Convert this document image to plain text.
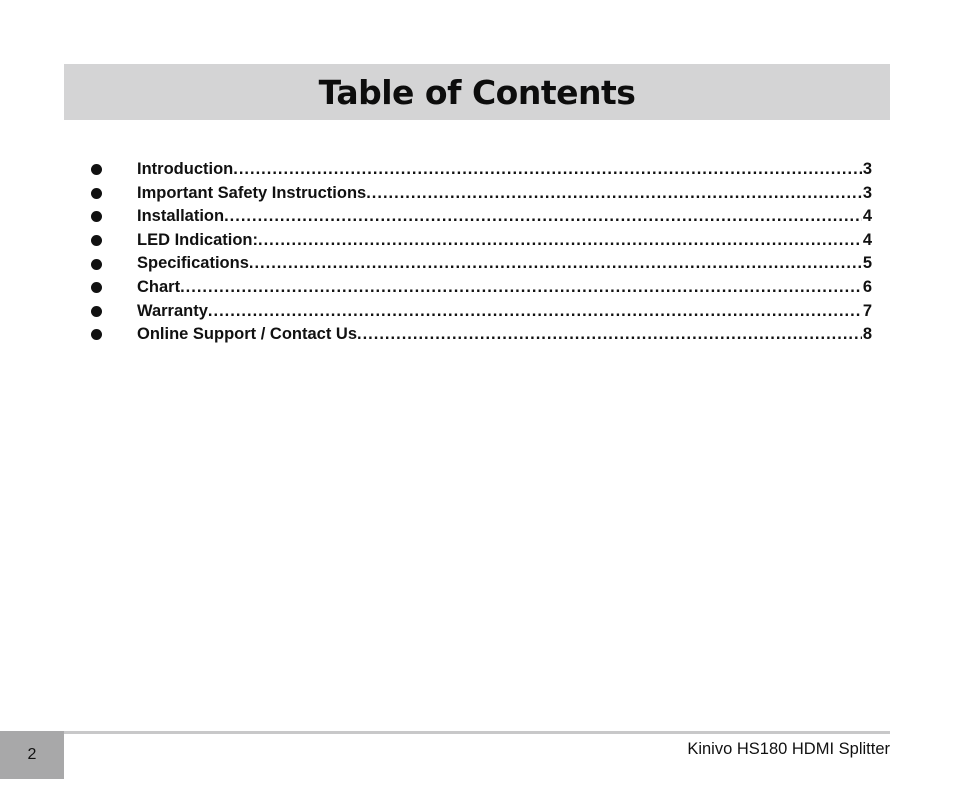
Table of Contents
Introduction .....	3
Important Safety Instructions .....	3
Installation .....	4
LED Indication: .....	4
Specifications .....	5
Chart .....	6
Warranty .....	7
Online Support / Contact Us .....	8
2	Kinivo HS180 HDMI Splitter
